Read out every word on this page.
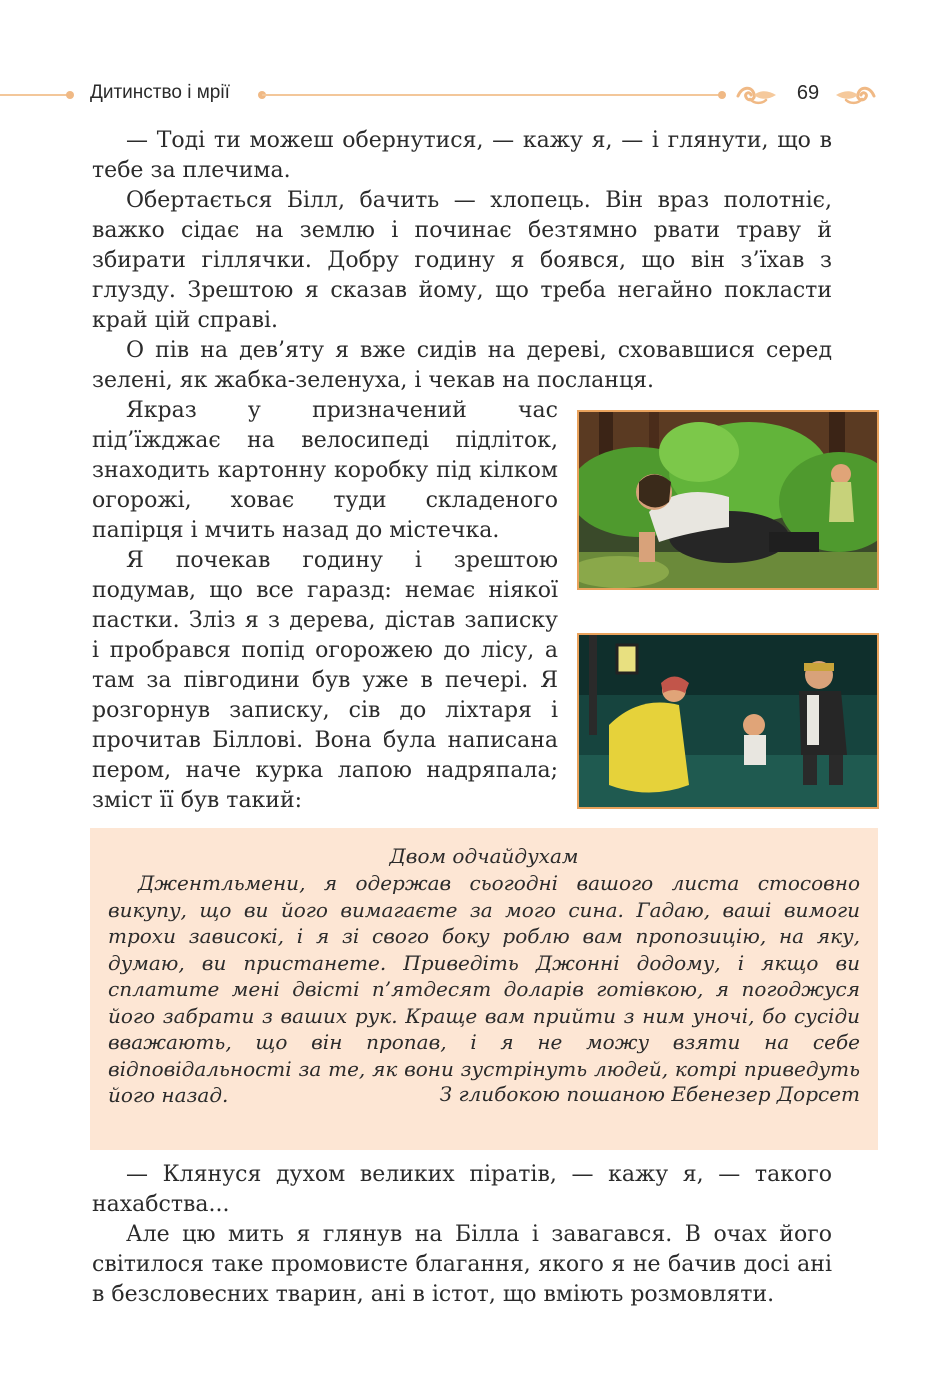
Дитинство і мрії	69

— Тоді ти можеш обернутися, — кажу я, — і глянути, що в тебе за плечима.

Обертається Білл, бачить — хлопець. Він враз полотніє, важко сідає на землю і починає безтямно рвати траву й збирати гіллячки. Добру годину я боявся, що він з’їхав з глузду. Зрештою я сказав йому, що треба негайно покласти край цій справі.

О пів на дев’яту я вже сидів на дереві, сховавшися серед зелені, як жабка-зеленуха, і чекав на посланця.

Якраз у призначений час під’їжджає на велосипеді підліток, знаходить картонну коробку під кілком огорожі, ховає туди складеного папірця і мчить назад до містечка.

Я почекав годину і зрештою подумав, що все гаразд: немає ніякої пастки. Зліз я з дерева, дістав записку і пробрався попід огорожею до лісу, а там за півгодини був уже в печері. Я розгорнув записку, сів до ліхтаря і прочитав Білловi. Вона була написана пером, наче курка лапою надряпала; зміст її був такий:

Двом одчайдухам

Джентльмени, я одержав сьогодні вашого листа стосовно викупу, що ви його вимагаєте за мого сина. Гадаю, ваші вимоги трохи зависокі, і я зі свого боку роблю вам пропозицію, на яку, думаю, ви пристанете. Приведіть Джонні додому, і якщо ви сплатите мені двісті п’ятдесят доларів готівкою, я погоджуся його забрати з ваших рук. Краще вам прийти з ним уночі, бо сусіди вважають, що він пропав, і я не можу взяти на себе відповідальності за те, як вони зустрінуть людей, котрі приведуть його назад.	З глибокою пошаною Ебенезер Дорсет

— Клянуся духом великих піратів, — кажу я, — такого нахабства...

Але цю мить я глянув на Білла і завагався. В очах його світилося таке промовисте благання, якого я не бачив досі ані в безсловесних тварин, ані в істот, що вміють розмовляти.
